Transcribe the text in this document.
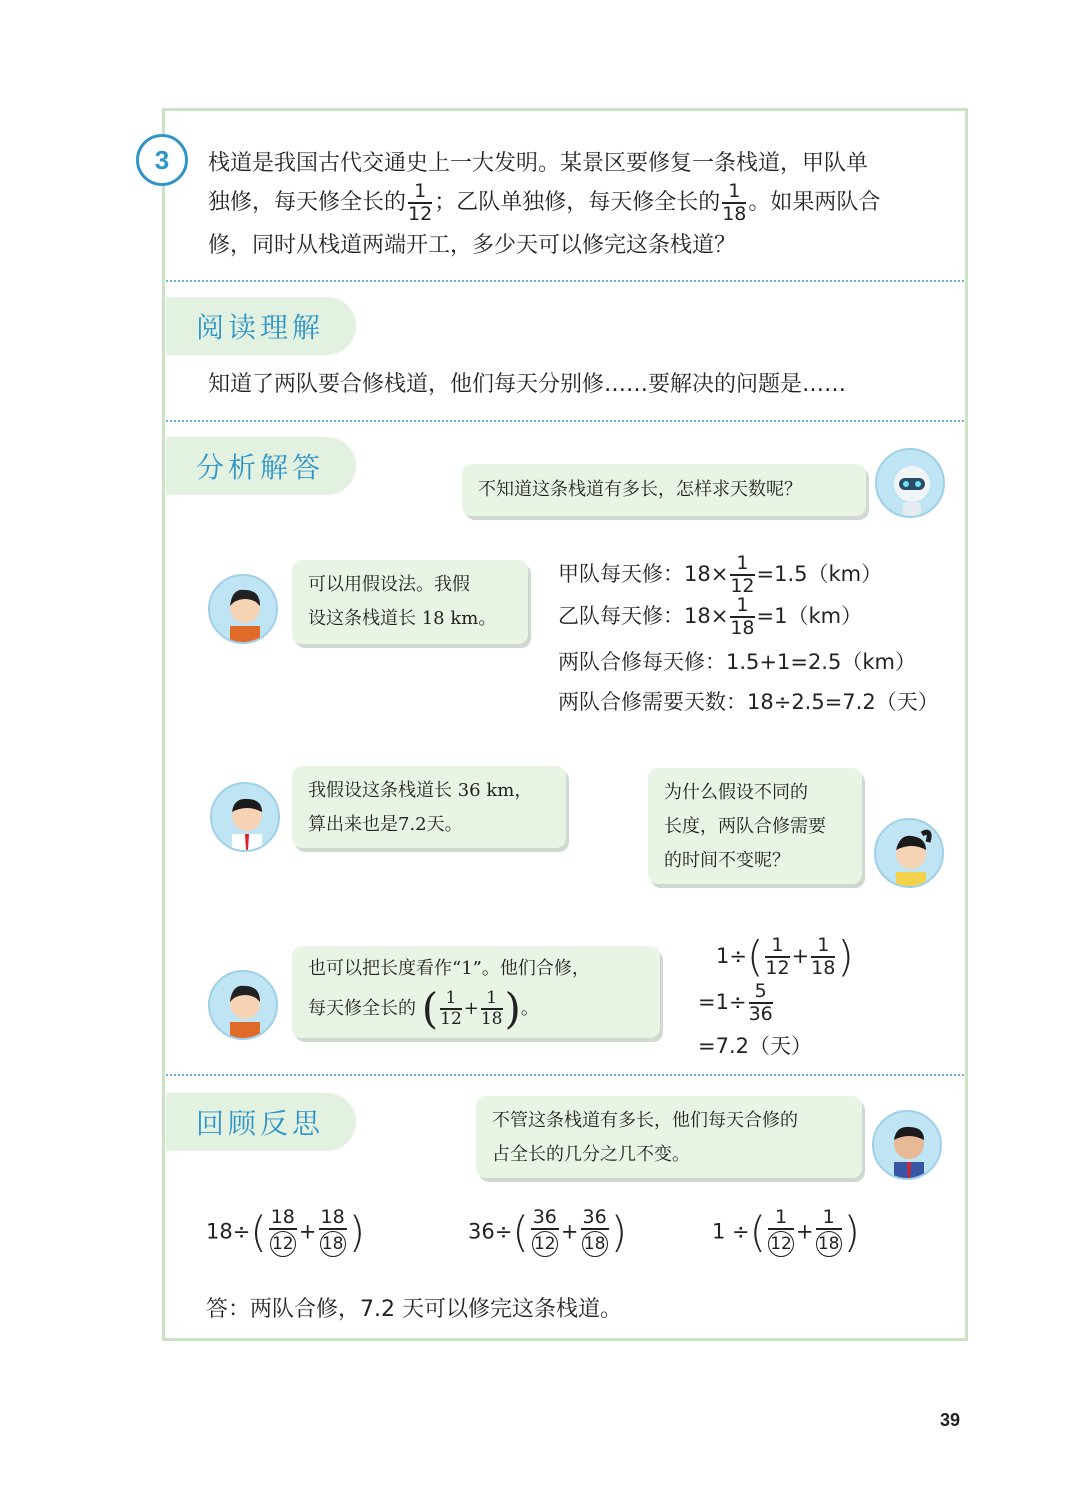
3	栈道是我国古代交通史上一大发明。某景区要修复一条栈道，甲队单
独修，每天修全长的 $\frac{1}{12}$ ；乙队单独修，每天修全长的 $\frac{1}{18}$ 。如果两队合
修，同时从栈道两端开工，多少天可以修完这条栈道？
阅读理解
知道了两队要合修栈道，他们每天分别修……要解决的问题是……
分析解答
不知道这条栈道有多长，怎样求天数呢？
可以用假设法。我假
设这条栈道长 18 km。
甲队每天修：$18\times \frac{1}{12} =1.5(km)$
乙队每天修：$18\times \frac{1}{18} =1(km)$
两队合修每天修：1.5+1=2.5（km）
两队合修需要天数：18÷2.5=7.2（天）
我假设这条栈道长 36 km，
算出来也是7.2天。
为什么假设不同的
长度，两队合修需要
的时间不变呢？
也可以把长度看作“1”。他们合修，
每天修全长的 ( $\frac{1}{12} + \frac{1}{18}$ )。
$1\div( \frac{1}{12} + \frac{1}{18}$ )
$=1\div \frac{5}{36}$
=7.2（天）
回顾反思	不管这条栈道有多长，他们每天合修的
占全长的几分之几不变。
$18\div( \frac{18}{12} + \frac{18}{18}$ )	$36\div( \frac{36}{12} + \frac{36}{18}$ )	1 ÷( $\frac{1}{12} + \frac{1}{18}$ )
答：两队合修，7.2 天可以修完这条栈道。
39
